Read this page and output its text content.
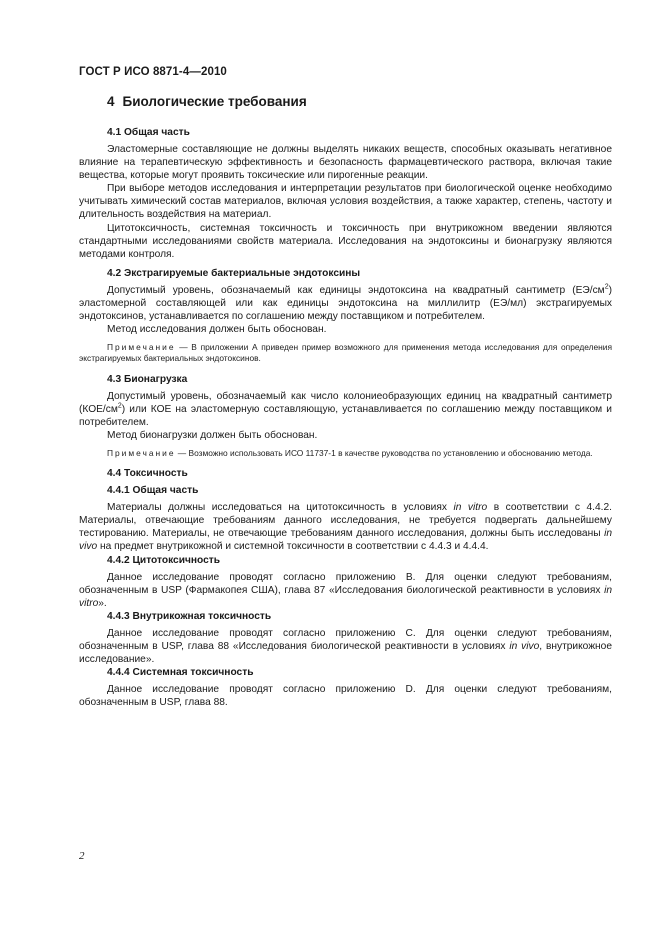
ГОСТ Р ИСО 8871-4—2010
4 Биологические требования
4.1 Общая часть

Эластомерные составляющие не должны выделять никаких веществ, способных оказывать негативное влияние на терапевтическую эффективность и безопасность фармацевтического раствора, включая такие вещества, которые могут проявить токсические или пирогенные реакции.

При выборе методов исследования и интерпретации результатов при биологической оценке необходимо учитывать химический состав материалов, включая условия воздействия, а также характер, степень, частоту и длительность воздействия на материал.

Цитотоксичность, системная токсичность и токсичность при внутрикожном введении являются стандартными исследованиями свойств материала. Исследования на эндотоксины и бионагрузку являются методами контроля.

4.2 Экстрагируемые бактериальные эндотоксины

Допустимый уровень, обозначаемый как единицы эндотоксина на квадратный сантиметр $(ЕЭ/см^2)$ эластомерной составляющей или как единицы эндотоксина на миллилитр (ЕЭ/мл) экстрагируемых эндотоксинов, устанавливается по соглашению между поставщиком и потребителем.

Метод исследования должен быть обоснован.

Примечание — В приложении А приведен пример возможного для применения метода исследования для определения экстрагируемых бактериальных эндотоксинов.

4.3 Бионагрузка

Допустимый уровень, обозначаемый как число колониеобразующих единиц на квадратный сантиметр $(КОЕ/см^2)$ или КОЕ на эластомерную составляющую, устанавливается по соглашению между поставщиком и потребителем.

Метод бионагрузки должен быть обоснован.

Примечание — Возможно использовать ИСО 11737-1 в качестве руководства по установлению и обоснованию метода.

4.4 Токсичность
4.4.1 Общая часть

Материалы должны исследоваться на цитотоксичность в условиях in vitro в соответствии с 4.4.2. Материалы, отвечающие требованиям данного исследования, не требуется подвергать дальнейшему тестированию. Материалы, не отвечающие требованиям данного исследования, должны быть исследованы in vivo на предмет внутрикожной и системной токсичности в соответствии с 4.4.3 и 4.4.4.

4.4.2 Цитотоксичность

Данное исследование проводят согласно приложению В. Для оценки следуют требованиям, обозначенным в USP (Фармакопея США), глава 87 «Исследования биологической реактивности в условиях in vitro».

4.4.3 Внутрикожная токсичность

Данное исследование проводят согласно приложению С. Для оценки следуют требованиям, обозначенным в USP, глава 88 «Исследования биологической реактивности в условиях in vivo, внутрикожное исследование».

4.4.4 Системная токсичность

Данное исследование проводят согласно приложению D. Для оценки следуют требованиям, обозначенным в USP, глава 88.

2
